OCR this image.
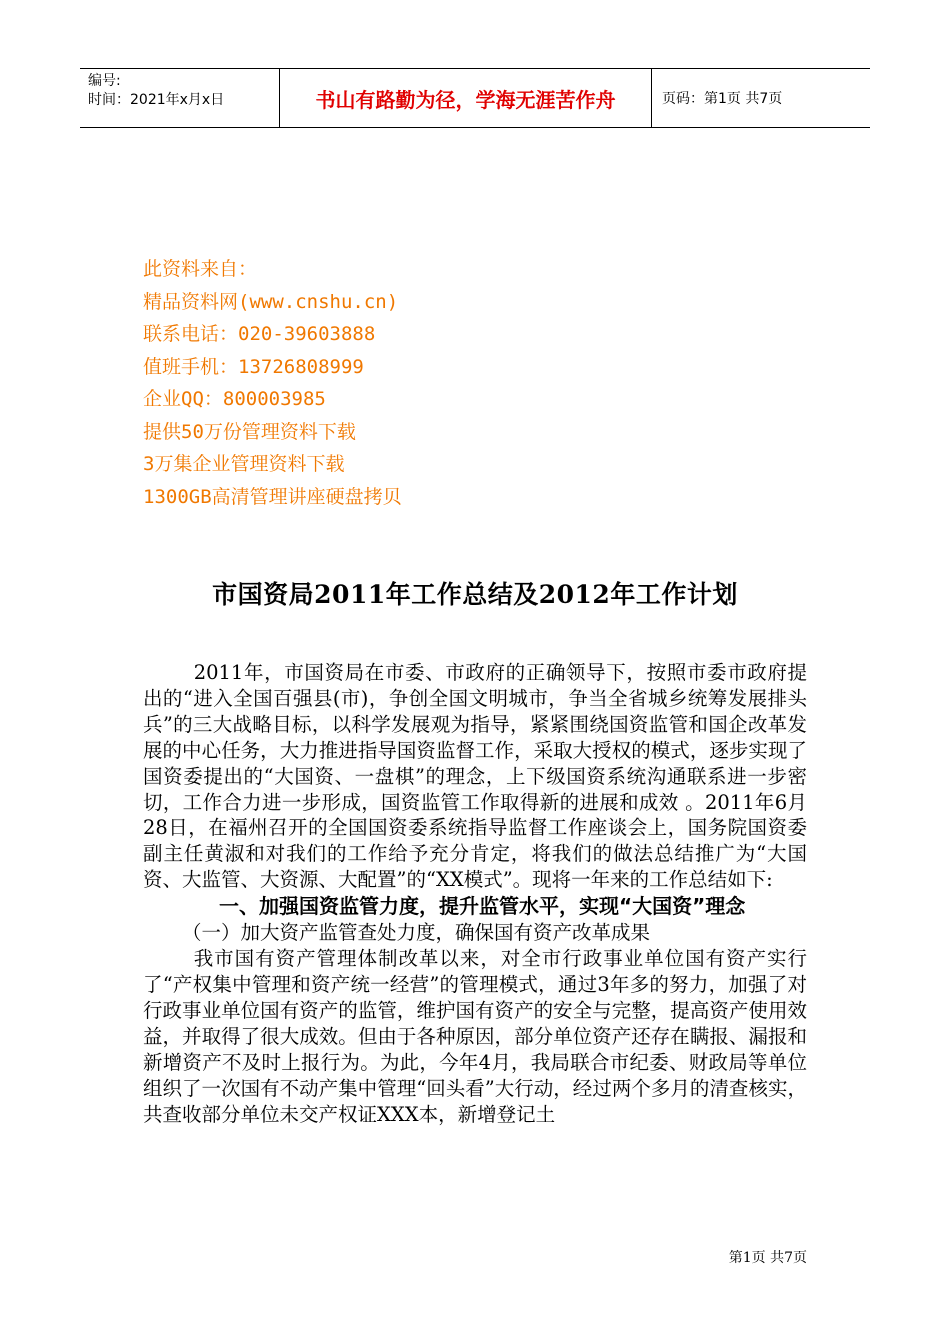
编号:
时间：2021年x月x日	书山有路勤为径，学海无涯苦作舟	页码：第1页 共7页
此资料来自：
精品资料网(www.cnshu.cn)
联系电话：020-39603888
值班手机：13726808999
企业QQ：800003985
提供50万份管理资料下载
3万集企业管理资料下载
1300GB高清管理讲座硬盘拷贝
市国资局2011年工作总结及2012年工作计划

2011年，市国资局在市委、市政府的正确领导下，按照市委市政府提出的“进入全国百强县(市)，争创全国文明城市，争当全省城乡统筹发展排头兵”的三大战略目标，以科学发展观为指导，紧紧围绕国资监管和国企改革发展的中心任务，大力推进指导国资监督工作，采取大授权的模式，逐步实现了国资委提出的“大国资、一盘棋”的理念，上下级国资系统沟通联系进一步密切，工作合力进一步形成，国资监管工作取得新的进展和成效 。2011年6月28日，在福州召开的全国国资委系统指导监督工作座谈会上，国务院国资委副主任黄淑和对我们的工作给予充分肯定，将我们的做法总结推广为“大国资、大监管、大资源、大配置”的“XX模式”。现将一年来的工作总结如下:

一、加强国资监管力度，提升监管水平，实现“大国资”理念

（一）加大资产监管查处力度，确保国有资产改革成果

我市国有资产管理体制改革以来，对全市行政事业单位国有资产实行了“产权集中管理和资产统一经营”的管理模式，通过3年多的努力，加强了对行政事业单位国有资产的监管，维护国有资产的安全与完整，提高资产使用效益，并取得了很大成效。但由于各种原因，部分单位资产还存在瞒报、漏报和新增资产不及时上报行为。为此，今年4月，我局联合市纪委、财政局等单位组织了一次国有不动产集中管理“回头看”大行动，经过两个多月的清查核实，共查收部分单位未交产权证XXX本，新增登记土

第1页 共7页
